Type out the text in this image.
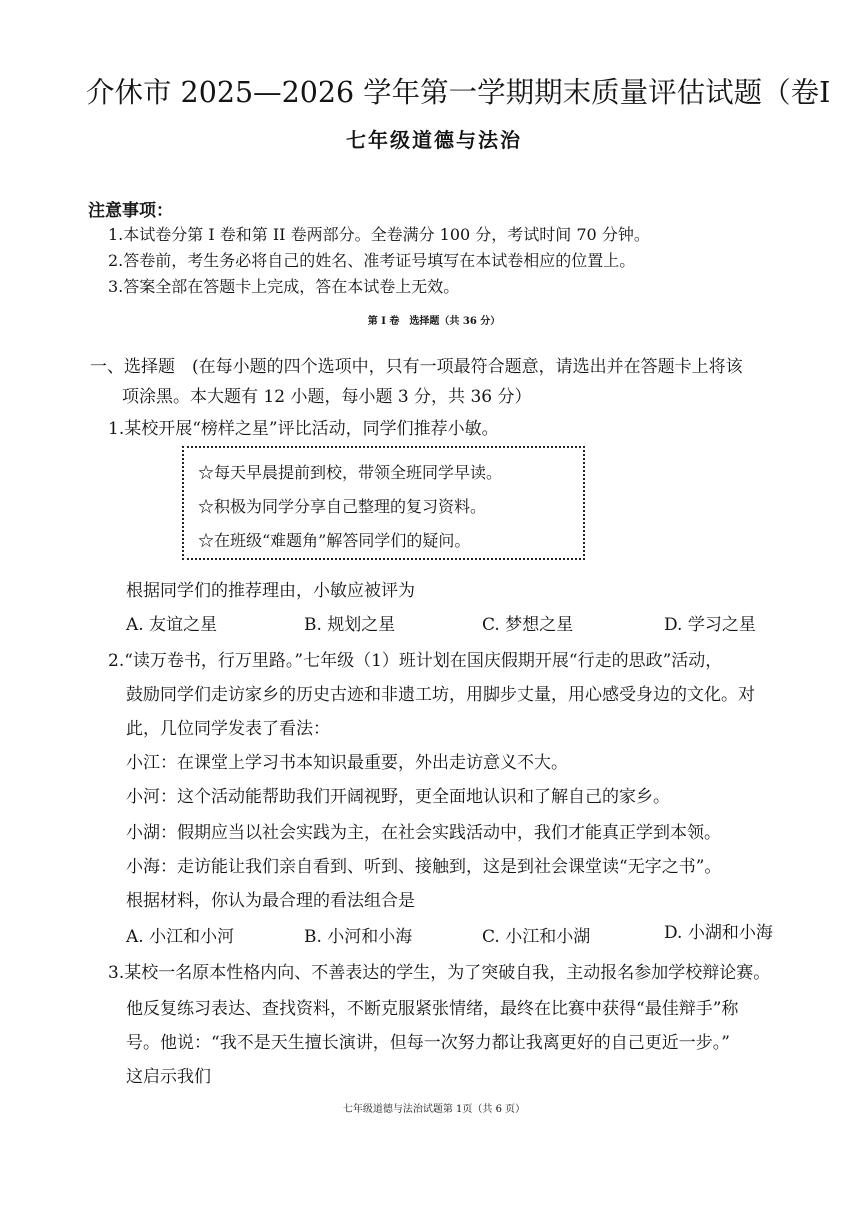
介休市 2025—2026 学年第一学期期末质量评估试题（卷Ⅰ
七年级道德与法治
注意事项：
1.本试卷分第 I 卷和第 II 卷两部分。全卷满分 100 分，考试时间 70 分钟。
2.答卷前，考生务必将自己的姓名、准考证号填写在本试卷相应的位置上。
3.答案全部在答题卡上完成，答在本试卷上无效。
第 I 卷　选择题（共 36 分）
一、选择题　(在每小题的四个选项中，只有一项最符合题意，请选出并在答题卡上将该
项涂黑。本大题有 12 小题，每小题 3 分，共 36 分）
1.某校开展“榜样之星”评比活动，同学们推荐小敏。
☆每天早晨提前到校，带领全班同学早读。
☆积极为同学分享自己整理的复习资料。
☆在班级“难题角”解答同学们的疑问。
根据同学们的推荐理由，小敏应被评为
A. 友谊之星	B. 规划之星	C. 梦想之星	D. 学习之星
2.“读万卷书，行万里路。”七年级（1）班计划在国庆假期开展“行走的思政”活动，
鼓励同学们走访家乡的历史古迹和非遗工坊，用脚步丈量，用心感受身边的文化。对
此，几位同学发表了看法：
小江：在课堂上学习书本知识最重要，外出走访意义不大。
小河：这个活动能帮助我们开阔视野，更全面地认识和了解自己的家乡。
小湖：假期应当以社会实践为主，在社会实践活动中，我们才能真正学到本领。
小海：走访能让我们亲自看到、听到、接触到，这是到社会课堂读“无字之书”。
根据材料，你认为最合理的看法组合是
A. 小江和小河	B. 小河和小海	C. 小江和小湖	D. 小湖和小海
3.某校一名原本性格内向、不善表达的学生，为了突破自我，主动报名参加学校辩论赛。
他反复练习表达、查找资料，不断克服紧张情绪，最终在比赛中获得“最佳辩手”称
号。他说：“我不是天生擅长演讲，但每一次努力都让我离更好的自己更近一步。”
这启示我们
七年级道德与法治试题第 1页（共 6 页）
